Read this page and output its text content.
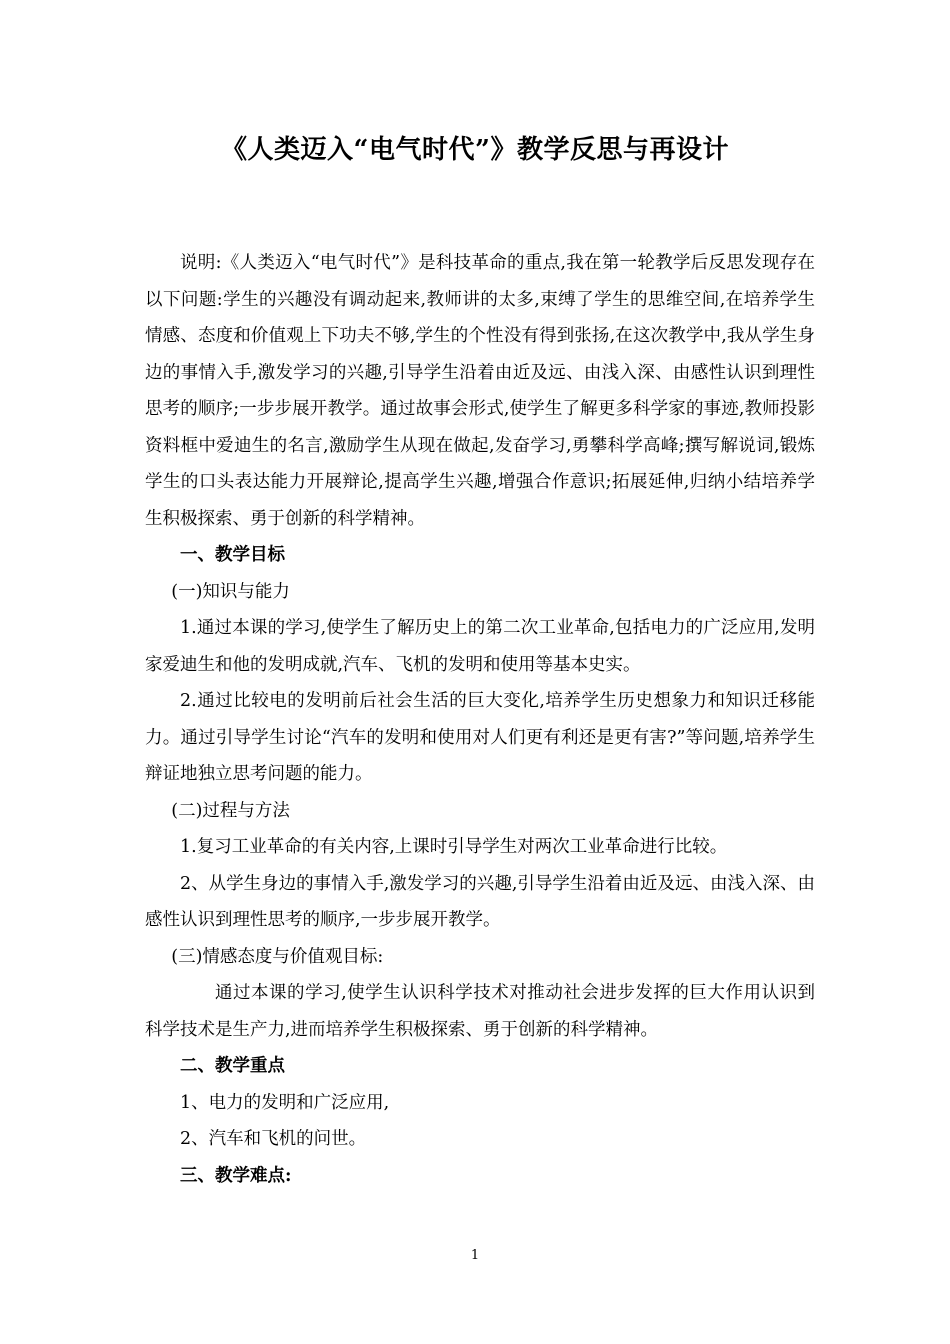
《人类迈入“电气时代”》教学反思与再设计

说明:《人类迈入“电气时代”》是科技革命的重点,我在第一轮教学后反思发现存在以下问题:学生的兴趣没有调动起来,教师讲的太多,束缚了学生的思维空间,在培养学生情感、态度和价值观上下功夫不够,学生的个性没有得到张扬,在这次教学中,我从学生身边的事情入手,激发学习的兴趣,引导学生沿着由近及远、由浅入深、由感性认识到理性思考的顺序;一步步展开教学。通过故事会形式,使学生了解更多科学家的事迹,教师投影资料框中爱迪生的名言,激励学生从现在做起,发奋学习,勇攀科学高峰;撰写解说词,锻炼学生的口头表达能力开展辩论,提高学生兴趣,增强合作意识;拓展延伸,归纳小结培养学生积极探索、勇于创新的科学精神。

一、教学目标

(一)知识与能力

1.通过本课的学习,使学生了解历史上的第二次工业革命,包括电力的广泛应用,发明家爱迪生和他的发明成就,汽车、飞机的发明和使用等基本史实。

2.通过比较电的发明前后社会生活的巨大变化,培养学生历史想象力和知识迁移能力。通过引导学生讨论“汽车的发明和使用对人们更有利还是更有害?”等问题,培养学生辩证地独立思考问题的能力。

(二)过程与方法

1.复习工业革命的有关内容,上课时引导学生对两次工业革命进行比较。

2、从学生身边的事情入手,激发学习的兴趣,引导学生沿着由近及远、由浅入深、由感性认识到理性思考的顺序,一步步展开教学。

(三)情感态度与价值观目标:

通过本课的学习,使学生认识科学技术对推动社会进步发挥的巨大作用认识到科学技术是生产力,进而培养学生积极探索、勇于创新的科学精神。

二、教学重点

1、电力的发明和广泛应用,

2、汽车和飞机的问世。

三、教学难点:

1
